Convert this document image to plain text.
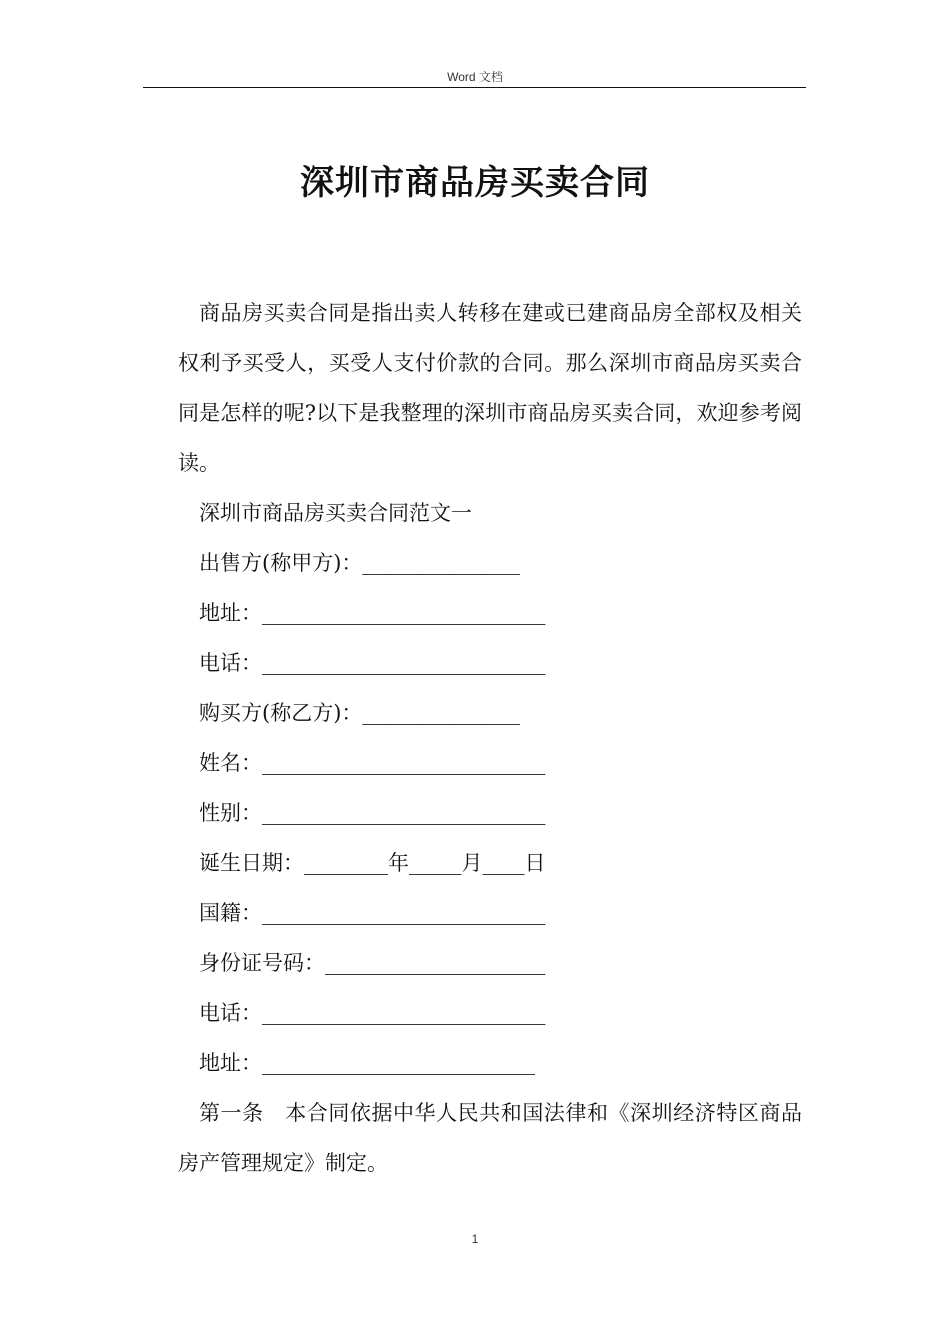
Word 文档
深圳市商品房买卖合同

商品房买卖合同是指出卖人转移在建或已建商品房全部权及相关权利予买受人，买受人支付价款的合同。那么深圳市商品房买卖合同是怎样的呢?以下是我整理的深圳市商品房买卖合同，欢迎参考阅读。

深圳市商品房买卖合同范文一

出售方(称甲方)：_______________

地址：___________________________

电话：___________________________

购买方(称乙方)：_______________

姓名：___________________________

性别：___________________________

诞生日期：________年_____月____日

国籍：___________________________

身份证号码：_____________________

电话：___________________________

地址：__________________________

第一条　本合同依据中华人民共和国法律和《深圳经济特区商品房产管理规定》制定。

1
